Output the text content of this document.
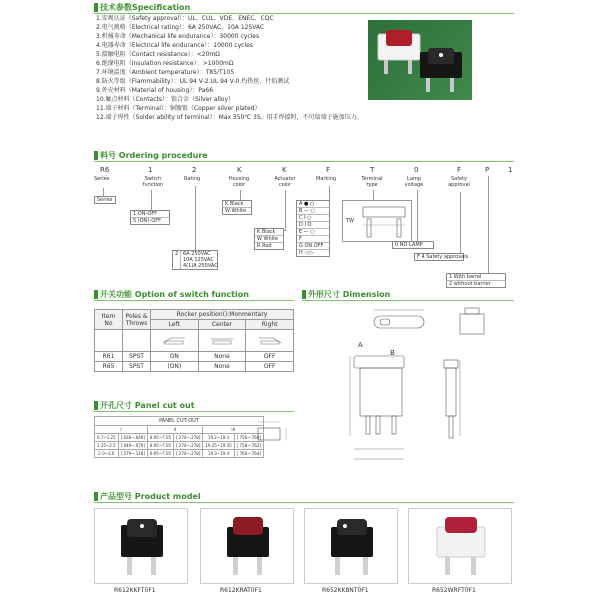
技术参数Specification
1.安规认证（Safety approval）：UL、CUL、VDE、ENEC、CQC
2.电气规格（Electrical rating）：6A 250VAC、10A 125VAC
3.机械寿命（Mechanical life endurance）：30000 cycles
4.电器寿命（Electrical life endurance）：10000 cycles
5.接触电阻（Contact resistance）：<20mΩ
6.绝缘电阻（Insulation resistance）：>1000mΩ
7.环境温度（Ambient temperature）：T85/T105
8.防火等级（Flammability）：UL 94 V-2.UL 94 V-0.灼热丝，针焰测试
9.外壳材料（Material of housing）：Pa66
10.触点材料（Contacts）：银合金（Silver alloy）
11.端子材料（Terminal）：铜镀银（Copper silver plated）
12.端子焊性（Solder ability of terminal）：Max 350℃ 3S。用手焊接时，不可给端子施加压力。
料号 Ordering procedure
R6	1	2	K	K	F	T	0	F	P	1
Series	Switch function
Rating	Housing color
Actuator color
Marking	Terminal type
Lamp voltage
Safety approval
Series
1 ON-OFF
5 (ON)-OFF
2 6A 250VAC
10A 125VAC
4(1)A 250VAC
K Black
W White
K Black
W White
R Red
A ● ○
B — ○
C I ○
D I O
E — ○
F
G ON OFF
H ◁ ▷
TW
0 NO LAMP
F 4 Safety approvals
1 With barrel
2 without barrier
开关功能 Option of switch function
Item No	Poles & Throws	Rocker position():Monmentary		
		Left	Center	Right

R61	SPST	ON	None	OFF
R65	SPST	(ON)	None	OFF
外形尺寸 Dimension
A
B
开孔尺寸 Panel cut out
PANEL CUT-OUT					
I		II		III	
0.7~1.25	[.028~.049]	8.95~7.05	[.274~.278]	19.2~19.3	[.756~.760]
1.25~2.5	[.049~.079]	8.95~7.05	[.274~.278]	19.25~19.35	[.758~.762]
2.0~3.0	[.079~.118]	6.95~7.05	[.274~.278]	19.3~19.4	[.760~.764]
产品型号 Product model
R612KKFT0F1	R612KRAT0F1	R652KK8NT0F1	R652WRFT0F1
